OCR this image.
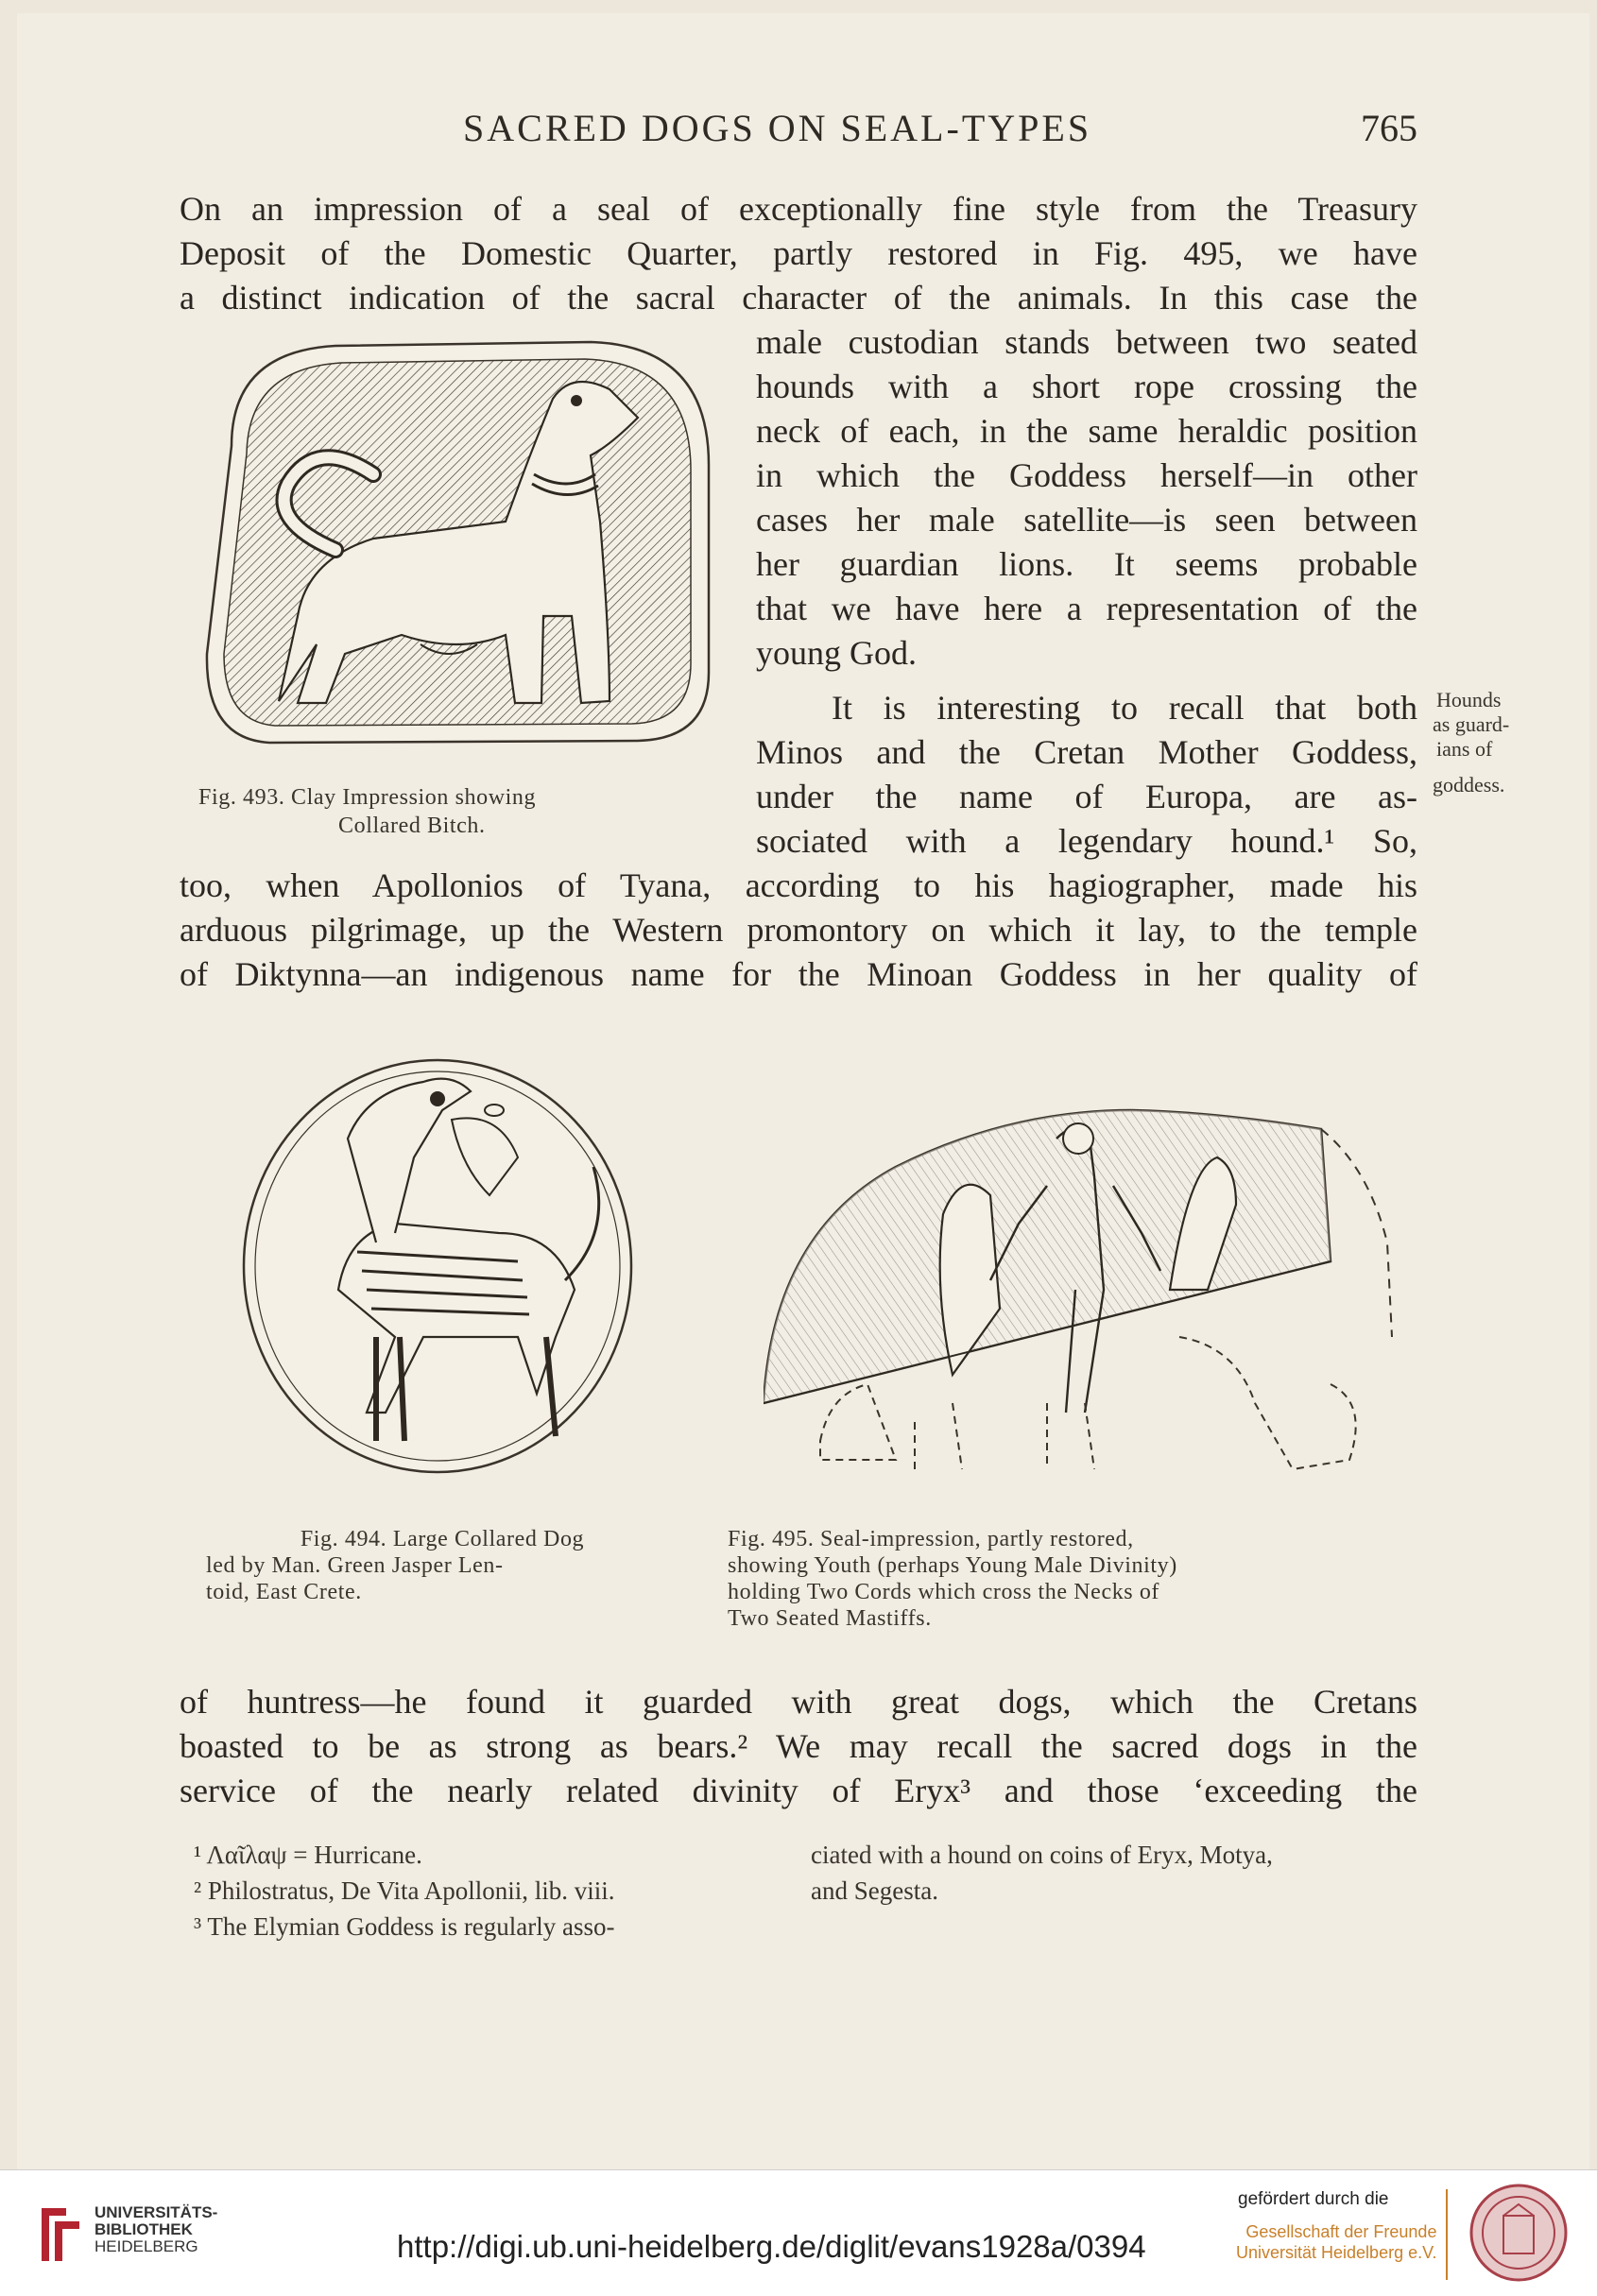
SACRED DOGS ON SEAL-TYPES	765
On an impression of a seal of exceptionally fine style from the Treasury
Deposit of the Domestic Quarter, partly restored in Fig. 495, we have
a distinct indication of the sacral character of the animals. In this case the
male custodian stands between two seated
hounds with a short rope crossing the
neck of each, in the same heraldic position
in which the Goddess herself—in other
cases her male satellite—is seen between
her guardian lions. It seems probable
that we have here a representation of the
young God.
It is interesting to recall that both
Minos and the Cretan Mother Goddess,
under the name of Europa, are as-
sociated with a legendary hound.¹ So,
too, when Apollonios of Tyana, according to his hagiographer, made his
arduous pilgrimage, up the Western promontory on which it lay, to the temple
of Diktynna—an indigenous name for the Minoan Goddess in her quality of
of huntress—he found it guarded with great dogs, which the Cretans
boasted to be as strong as bears.² We may recall the sacred dogs in the
service of the nearly related divinity of Eryx³ and those ‘exceeding the
Hounds
as guard-
ians of
goddess.
Fig. 493. Clay Impression showing
Collared Bitch.
Fig. 494. Large Collared Dog
led by Man. Green Jasper Len-
toid, East Crete.
Fig. 495. Seal-impression, partly restored,
showing Youth (perhaps Young Male Divinity)
holding Two Cords which cross the Necks of
Two Seated Mastiffs.
¹ Λαῖλαψ = Hurricane.
² Philostratus, De Vita Apollonii, lib. viii.
³ The Elymian Goddess is regularly asso-
ciated with a hound on coins of Eryx, Motya,
and Segesta.
UNIVERSITÄTS-
BIBLIOTHEK
HEIDELBERG	http://digi.ub.uni-heidelberg.de/diglit/evans1928a/0394
gefördert durch die
Gesellschaft der Freunde
Universität Heidelberg e.V.
